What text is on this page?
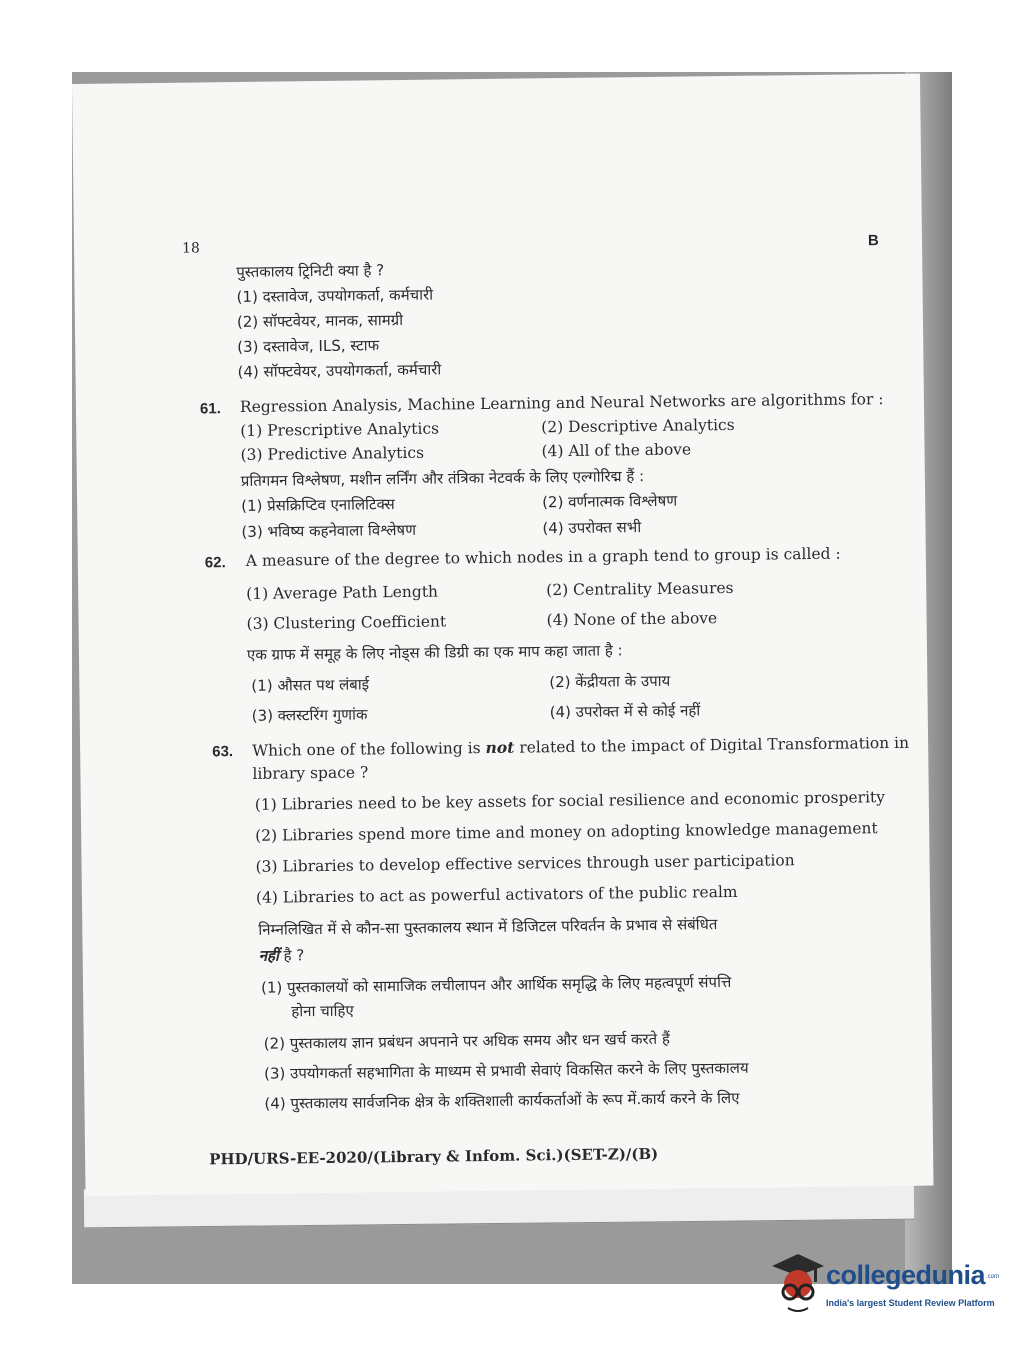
18	B
पुस्तकालय ट्रिनिटी क्या है ?
(1) दस्तावेज, उपयोगकर्ता, कर्मचारी
(2) सॉफ्टवेयर, मानक, सामग्री
(3) दस्तावेज, ILS, स्टाफ
(4) सॉफ्टवेयर, उपयोगकर्ता, कर्मचारी
61. Regression Analysis, Machine Learning and Neural Networks are algorithms for :
(1) Prescriptive Analytics	(2) Descriptive Analytics
(3) Predictive Analytics	(4) All of the above
प्रतिगमन विश्लेषण, मशीन लर्निंग और तंत्रिका नेटवर्क के लिए एल्गोरिद्म हैं :
(1) प्रेसक्रिप्टिव एनालिटिक्स	(2) वर्णनात्मक विश्लेषण
(3) भविष्य कहनेवाला विश्लेषण	(4) उपरोक्त सभी
62. A measure of the degree to which nodes in a graph tend to group is called :
(1) Average Path Length	(2) Centrality Measures
(3) Clustering Coefficient	(4) None of the above
एक ग्राफ में समूह के लिए नोड्स की डिग्री का एक माप कहा जाता है :
(1) औसत पथ लंबाई	(2) केंद्रीयता के उपाय
(3) क्लस्टरिंग गुणांक	(4) उपरोक्त में से कोई नहीं
63. Which one of the following is not related to the impact of Digital Transformation in
library space ?
(1) Libraries need to be key assets for social resilience and economic prosperity
(2) Libraries spend more time and money on adopting knowledge management
(3) Libraries to develop effective services through user participation
(4) Libraries to act as powerful activators of the public realm
निम्नलिखित में से कौन-सा पुस्तकालय स्थान में डिजिटल परिवर्तन के प्रभाव से संबंधित
नहीं है ?
(1) पुस्तकालयों को सामाजिक लचीलापन और आर्थिक समृद्धि के लिए महत्वपूर्ण संपत्ति
होना चाहिए
(2) पुस्तकालय ज्ञान प्रबंधन अपनाने पर अधिक समय और धन खर्च करते हैं
(3) उपयोगकर्ता सहभागिता के माध्यम से प्रभावी सेवाएं विकसित करने के लिए पुस्तकालय
(4) पुस्तकालय सार्वजनिक क्षेत्र के शक्तिशाली कार्यकर्ताओं के रूप में.कार्य करने के लिए
PHD/URS-EE-2020/(Library & Infom. Sci.)(SET-Z)/(B)
collegedunia .com
India's largest Student Review Platform
